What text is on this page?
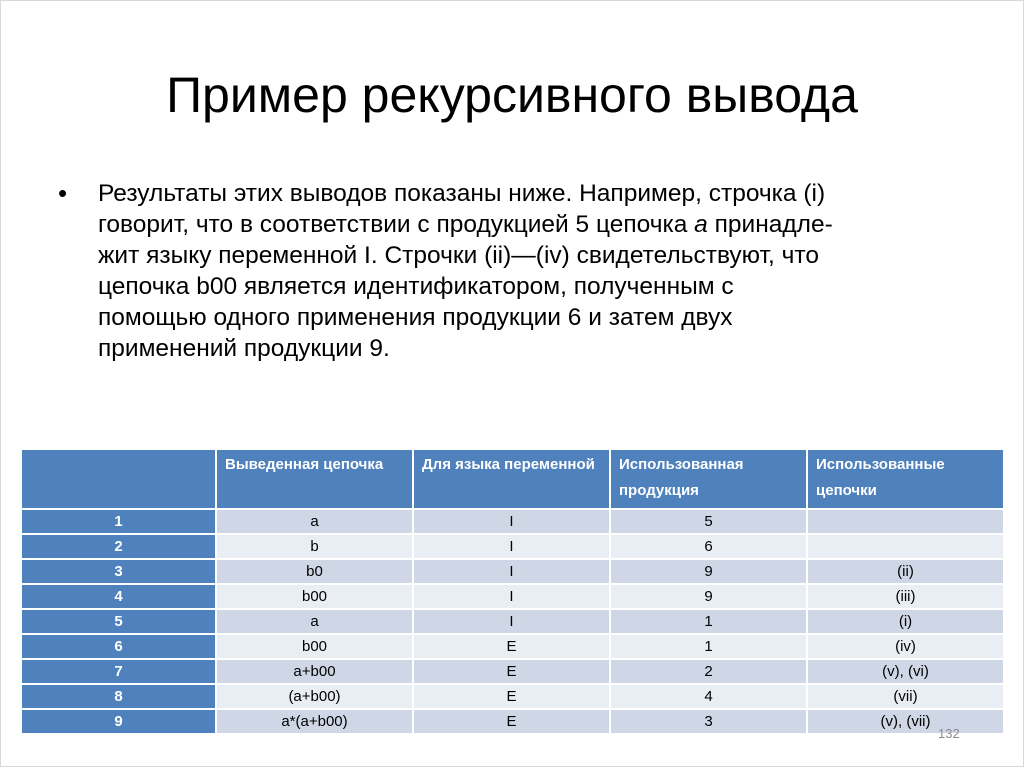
Пример рекурсивного вывода
• Результаты этих выводов показаны ниже. Например, строчка (i)
говорит, что в соответствии с продукцией 5 цепочка a принадле-
жит языку переменной I. Строчки (ii)—(iv) свидетельствуют, что
цепочка b00 является идентификатором, полученным с
помощью одного применения продукции 6 и затем двух
применений продукции 9.
	Выведенная цепочка	Для языка переменной	Использованная продукция	Использованные цепочки
1	a	I	5	
2	b	I	6	
3	b0	I	9	(ii)
4	b00	I	9	(iii)
5	a	I	1	(i)
6	b00	E	1	(iv)
7	a+b00	E	2	(v), (vi)
8	(a+b00)	E	4	(vii)
9	a*(a+b00)	E	3	(v), (vii)
132
